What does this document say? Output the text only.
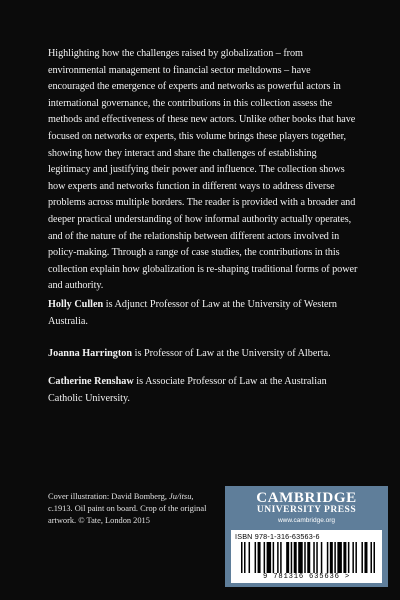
Highlighting how the challenges raised by globalization – from environmental management to financial sector meltdowns – have encouraged the emergence of experts and networks as powerful actors in international governance, the contributions in this collection assess the methods and effectiveness of these new actors. Unlike other books that have focused on networks or experts, this volume brings these players together, showing how they interact and share the challenges of establishing legitimacy and justifying their power and influence. The collection shows how experts and networks function in different ways to address diverse problems across multiple borders. The reader is provided with a broader and deeper practical understanding of how informal authority actually operates, and of the nature of the relationship between different actors involved in policy-making. Through a range of case studies, the contributions in this collection explain how globalization is re-shaping traditional forms of power and authority.

Holly Cullen is Adjunct Professor of Law at the University of Western Australia.

Joanna Harrington is Professor of Law at the University of Alberta.

Catherine Renshaw is Associate Professor of Law at the Australian Catholic University.

Cover illustration: David Bomberg, Ju/itsu, c.1913. Oil paint on board. Crop of the original artwork. © Tate, London 2015

CAMBRIDGE
UNIVERSITY PRESS
www.cambridge.org
ISBN 978-1-316-63563-6
9 781316 635636 >
